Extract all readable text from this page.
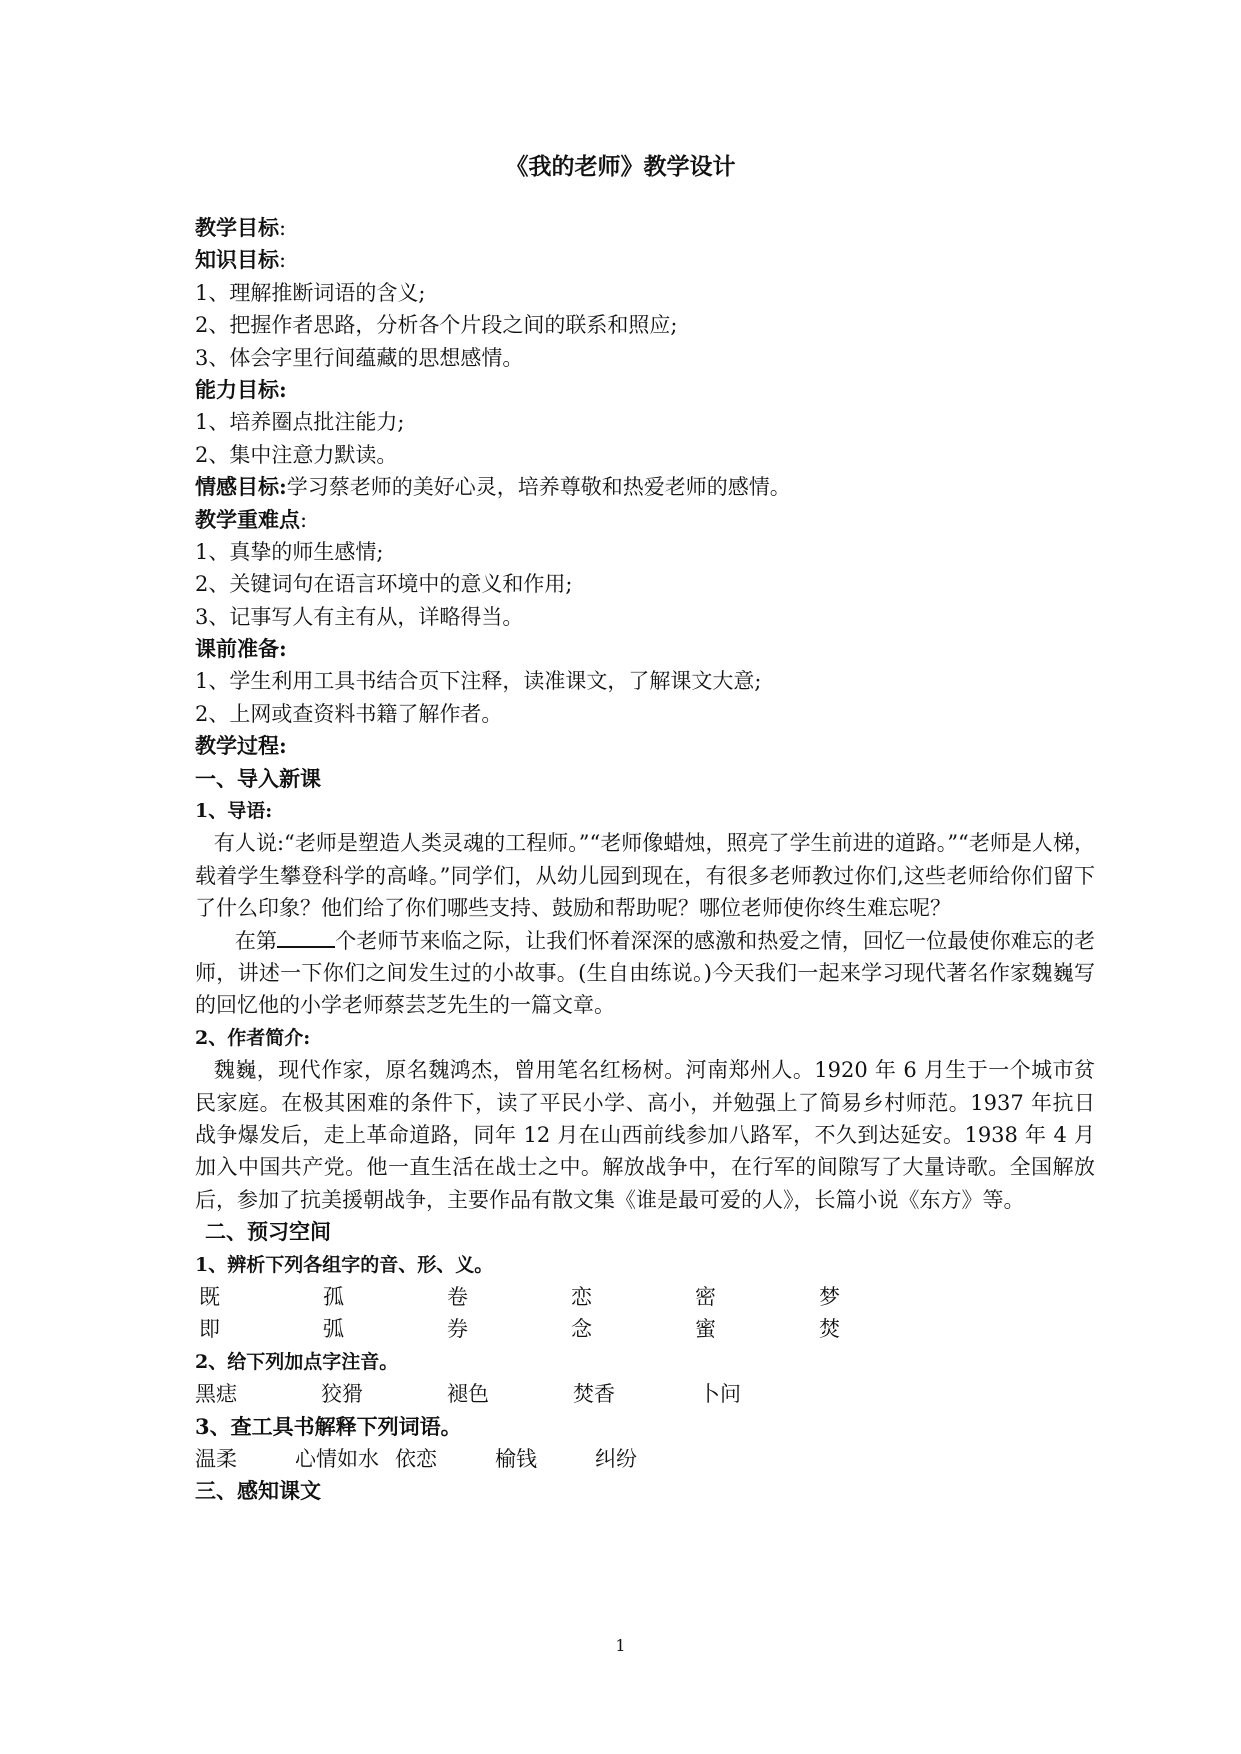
《我的老师》教学设计
教学目标:
知识目标:
1、理解推断词语的含义;
2、把握作者思路，分析各个片段之间的联系和照应;
3、体会字里行间蕴藏的思想感情。
能力目标:
1、培养圈点批注能力;
2、集中注意力默读。
情感目标:学习蔡老师的美好心灵，培养尊敬和热爱老师的感情。
教学重难点:
1、真挚的师生感情;
2、关键词句在语言环境中的意义和作用;
3、记事写人有主有从，详略得当。
课前准备:
1、学生利用工具书结合页下注释，读准课文，了解课文大意;
2、上网或查资料书籍了解作者。
教学过程:
一、导入新课
1、导语:

有人说:“老师是塑造人类灵魂的工程师。”“老师像蜡烛，照亮了学生前进的道路。”“老师是人梯，载着学生攀登科学的高峰。”同学们，从幼儿园到现在，有很多老师教过你们,这些老师给你们留下了什么印象？他们给了你们哪些支持、鼓励和帮助呢？哪位老师使你终生难忘呢？

在第	个老师节来临之际，让我们怀着深深的感激和热爱之情，回忆一位最使你难忘的老师，讲述一下你们之间发生过的小故事。(生自由练说。)今天我们一起来学习现代著名作家魏巍写的回忆他的小学老师蔡芸芝先生的一篇文章。

2、作者简介:

魏巍，现代作家，原名魏鸿杰，曾用笔名红杨树。河南郑州人。1920 年 6 月生于一个城市贫民家庭。在极其困难的条件下，读了平民小学、高小，并勉强上了简易乡村师范。1937 年抗日战争爆发后，走上革命道路，同年 12 月在山西前线参加八路军，不久到达延安。1938 年 4 月加入中国共产党。他一直生活在战士之中。解放战争中，在行军的间隙写了大量诗歌。全国解放后，参加了抗美援朝战争，主要作品有散文集《谁是最可爱的人》，长篇小说《东方》等。

二、预习空间
1、辨析下列各组字的音、形、义。
既	孤	卷	恋	密	梦
即	弧	券	念	蜜	焚
2、给下列加点字注音。
黑痣	狡猾	褪色	焚香	卜问
3、查工具书解释下列词语。
温柔	心情如水 依恋	榆钱	纠纷
三、感知课文
1
